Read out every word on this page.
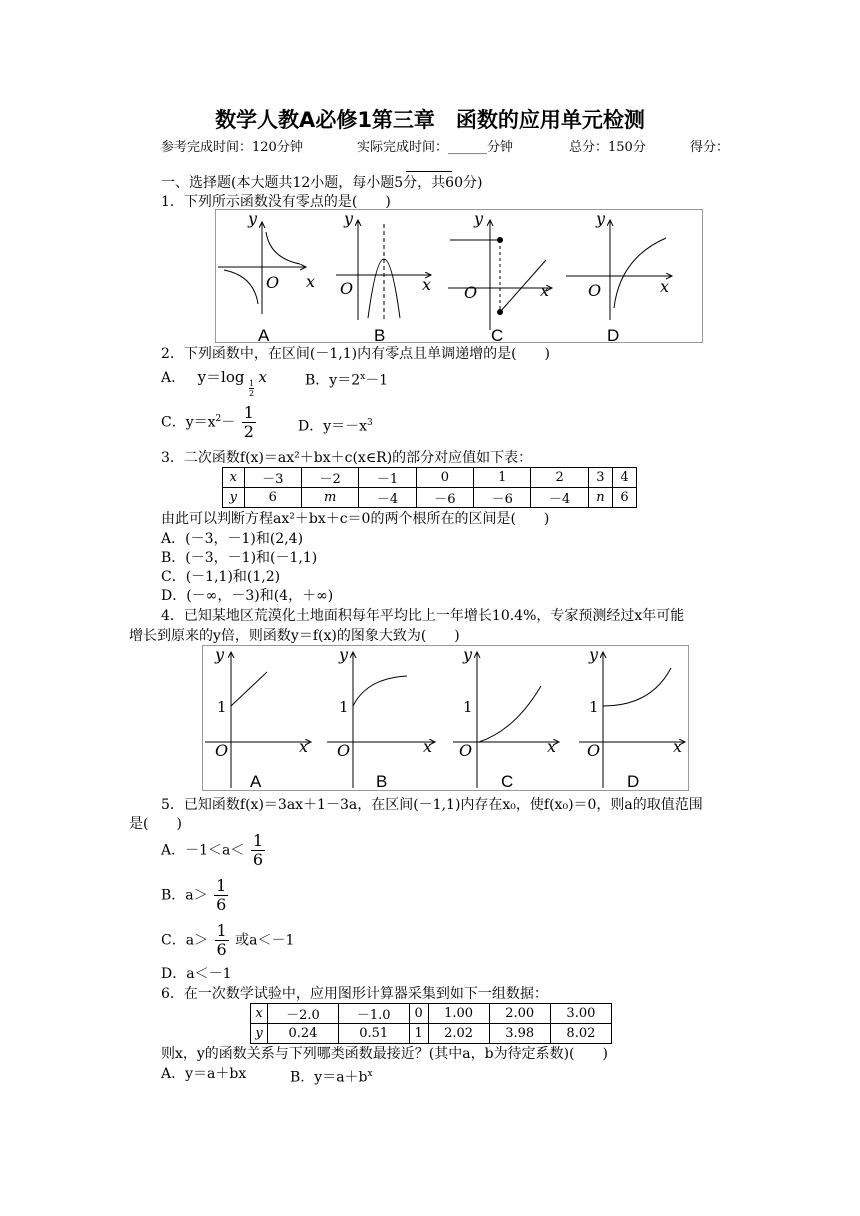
数学人教A必修1第三章　函数的应用单元检测
参考完成时间：120分钟	实际完成时间：______分钟	总分：150分	得分：
一、选择题(本大题共12小题，每小题5分，共60分)
1．下列所示函数没有零点的是(　　)
y
x
O
y
x
O
y
x
O
y
x
O
A	B	C	D
2．下列函数中，在区间(－1,1)内有零点且单调递增的是(　　)
A． y＝log
$\frac{1}{2}$
x	B．$y=2^x-1$
C．$y=x^2- \frac{1}{2}$	D．$y=-x^3$
3．二次函数f(x)＝ax²＋bx＋c(x∈R)的部分对应值如下表：
x	－3	－2	－1	0	1	2	3	4
y	6	m	－4	－6	－6	－4	n	6
由此可以判断方程ax²＋bx＋c＝0的两个根所在的区间是(　　)
A．(－3，－1)和(2,4)
B．(－3，－1)和(－1,1)
C．(－1,1)和(1,2)
D．(－∞，－3)和(4，＋∞)
4．已知某地区荒漠化土地面积每年平均比上一年增长10.4%，专家预测经过x年可能
增长到原来的y倍，则函数y＝f(x)的图象大致为(　　)
y
1
x
O
y
1
x
O
y
1
x
O
y
1
x
O
A	B	C	D
5．已知函数f(x)＝3ax＋1－3a，在区间(－1,1)内存在x₀，使f(x₀)＝0，则a的取值范围
是(　　)
A．$-1<a< \frac{1}{6}$
B．$a> \frac{1}{6}$
C．$a> \frac{1}{6}$ 或a＜－1
D．a＜－1
6．在一次数学试验中，应用图形计算器采集到如下一组数据：
x	－2.0	－1.0	0	1.00	2.00	3.00
y	0.24	0.51	1	2.02	3.98	8.02
则x，y的函数关系与下列哪类函数最接近？(其中a，b为待定系数)(　　)
A．y＝a＋bx	B．$y=a+b^x$
